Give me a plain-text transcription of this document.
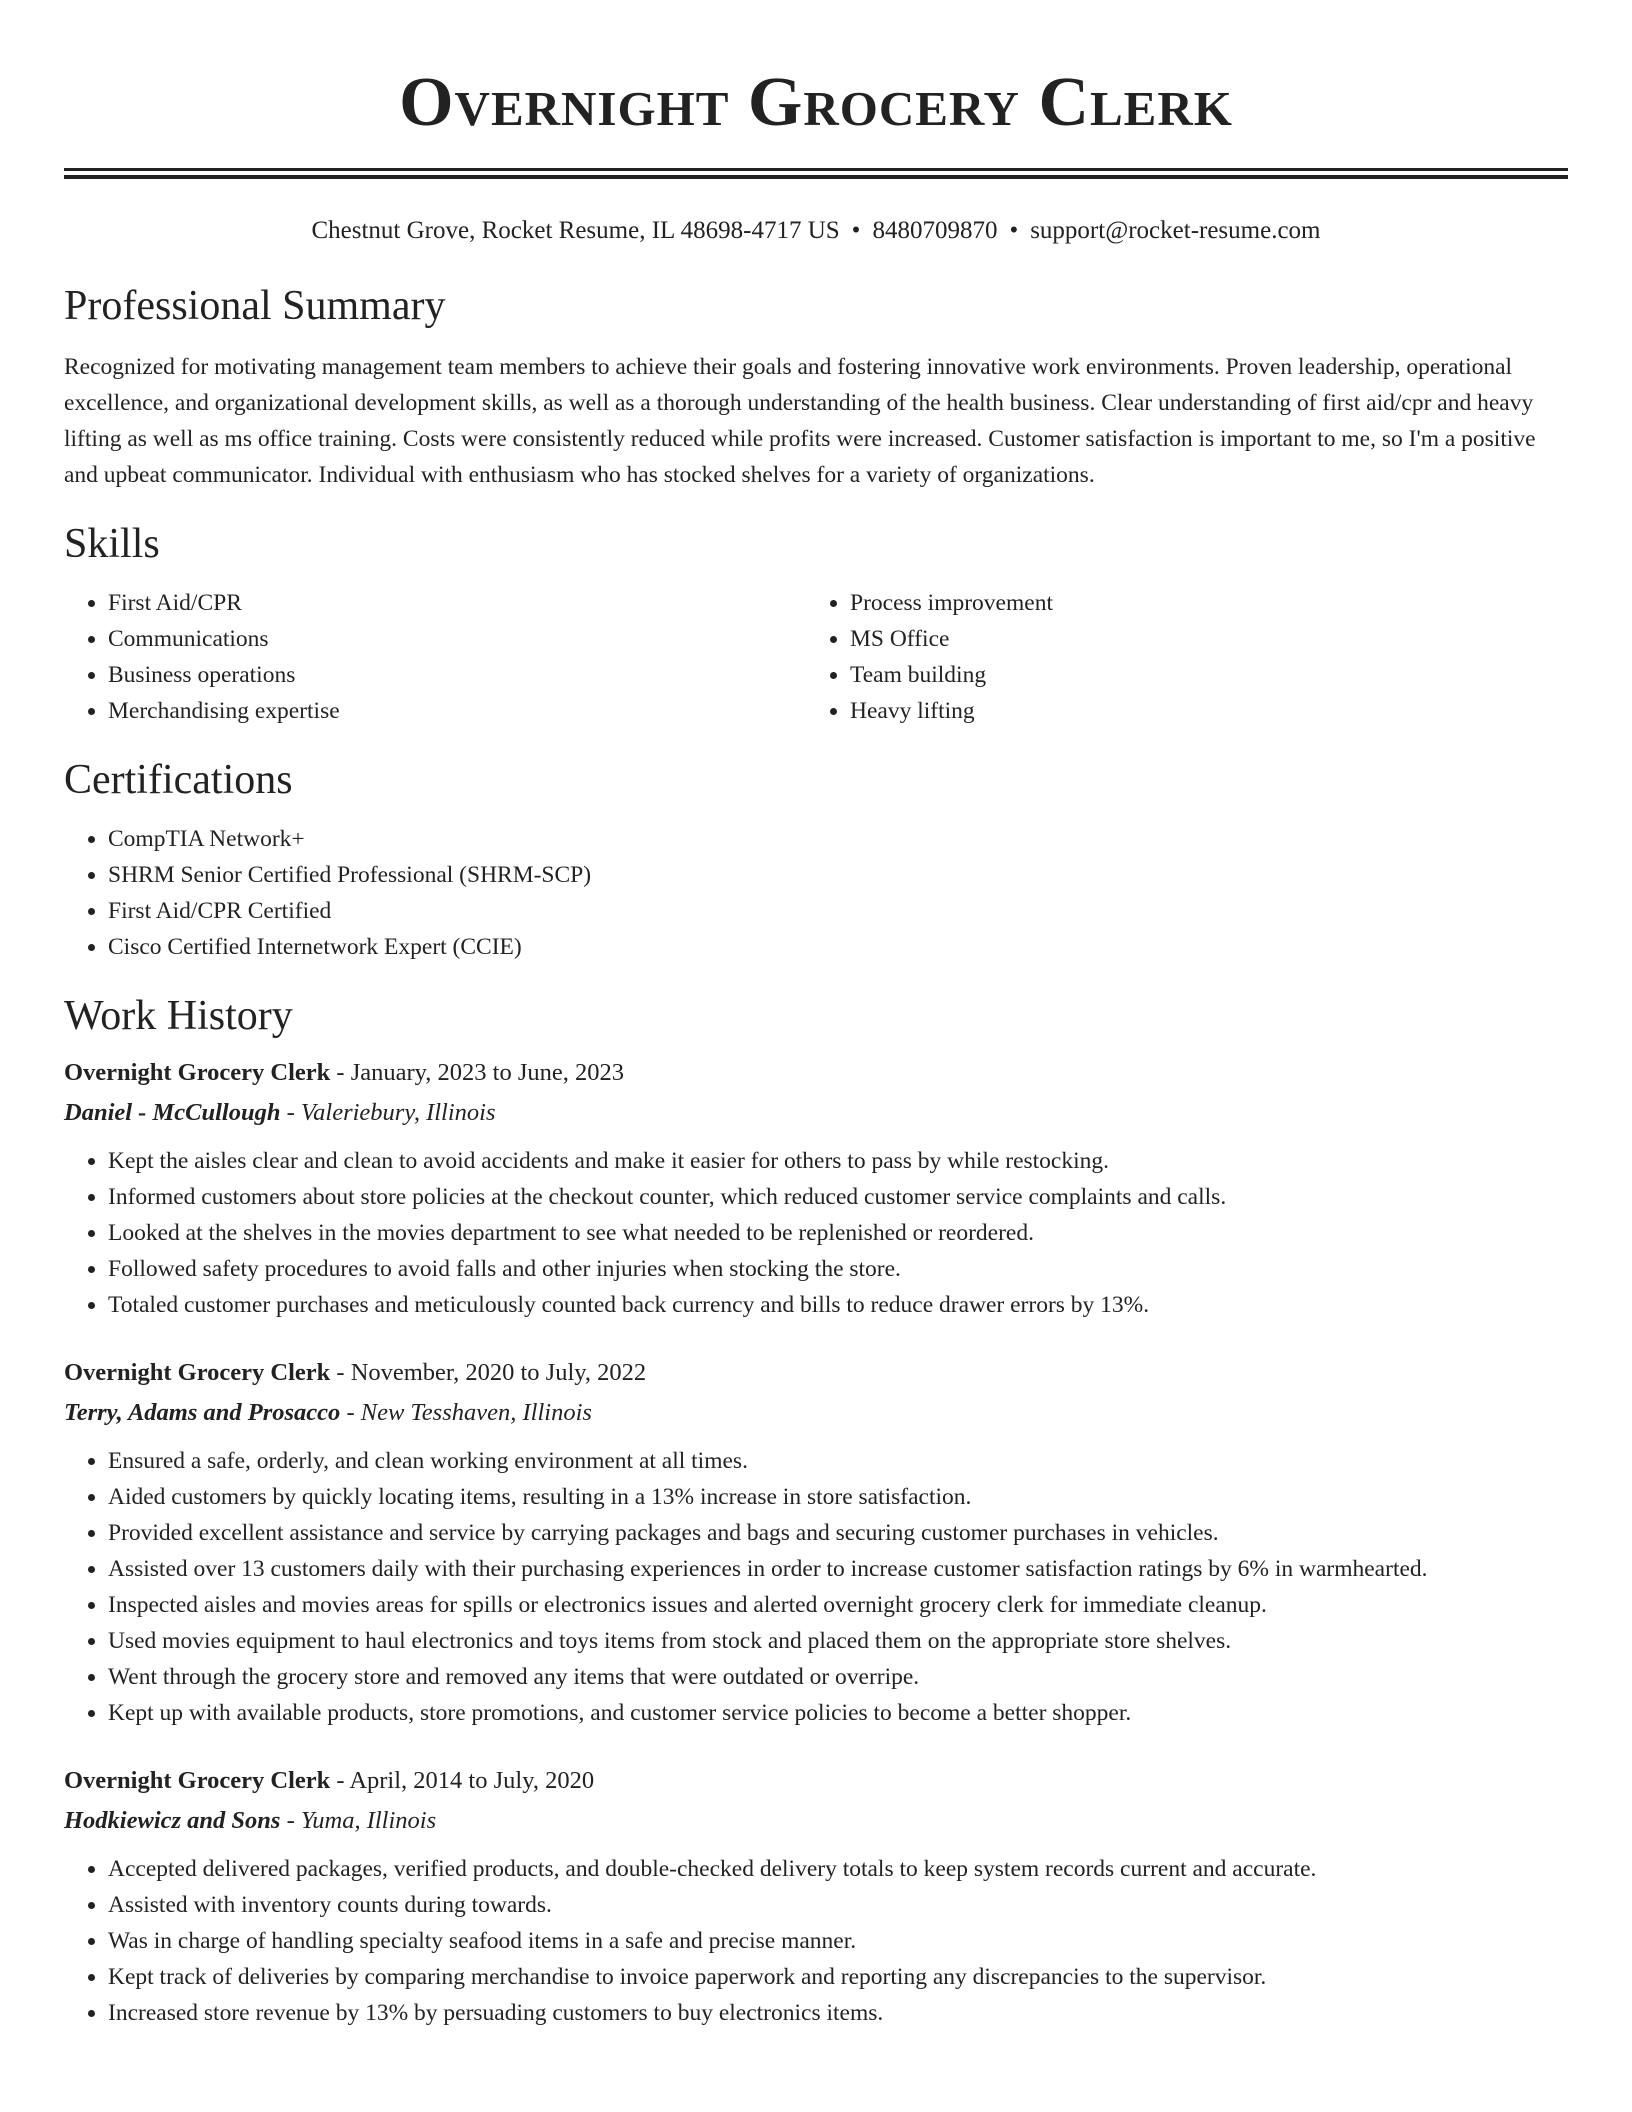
Overnight Grocery Clerk
Chestnut Grove, Rocket Resume, IL 48698-4717 US • 8480709870 • support@rocket-resume.com
Professional Summary

Recognized for motivating management team members to achieve their goals and fostering innovative work environments. Proven leadership, operational excellence, and organizational development skills, as well as a thorough understanding of the health business. Clear understanding of first aid/cpr and heavy lifting as well as ms office training. Costs were consistently reduced while profits were increased. Customer satisfaction is important to me, so I'm a positive and upbeat communicator. Individual with enthusiasm who has stocked shelves for a variety of organizations.

Skills
• First Aid/CPR
• Communications
• Business operations
• Merchandising expertise
• Process improvement
• MS Office
• Team building
• Heavy lifting
Certifications
• CompTIA Network+
• SHRM Senior Certified Professional (SHRM-SCP)
• First Aid/CPR Certified
• Cisco Certified Internetwork Expert (CCIE)
Work History

Overnight Grocery Clerk - January, 2023 to June, 2023

Daniel - McCullough - Valeriebury, Illinois

• Kept the aisles clear and clean to avoid accidents and make it easier for others to pass by while restocking.
• Informed customers about store policies at the checkout counter, which reduced customer service complaints and calls.
• Looked at the shelves in the movies department to see what needed to be replenished or reordered.
• Followed safety procedures to avoid falls and other injuries when stocking the store.
• Totaled customer purchases and meticulously counted back currency and bills to reduce drawer errors by 13%.

Overnight Grocery Clerk - November, 2020 to July, 2022

Terry, Adams and Prosacco - New Tesshaven, Illinois

• Ensured a safe, orderly, and clean working environment at all times.
• Aided customers by quickly locating items, resulting in a 13% increase in store satisfaction.
• Provided excellent assistance and service by carrying packages and bags and securing customer purchases in vehicles.
• Assisted over 13 customers daily with their purchasing experiences in order to increase customer satisfaction ratings by 6% in warmhearted.
• Inspected aisles and movies areas for spills or electronics issues and alerted overnight grocery clerk for immediate cleanup.
• Used movies equipment to haul electronics and toys items from stock and placed them on the appropriate store shelves.
• Went through the grocery store and removed any items that were outdated or overripe.
• Kept up with available products, store promotions, and customer service policies to become a better shopper.

Overnight Grocery Clerk - April, 2014 to July, 2020

Hodkiewicz and Sons - Yuma, Illinois

• Accepted delivered packages, verified products, and double-checked delivery totals to keep system records current and accurate.
• Assisted with inventory counts during towards.
• Was in charge of handling specialty seafood items in a safe and precise manner.
• Kept track of deliveries by comparing merchandise to invoice paperwork and reporting any discrepancies to the supervisor.
• Increased store revenue by 13% by persuading customers to buy electronics items.
